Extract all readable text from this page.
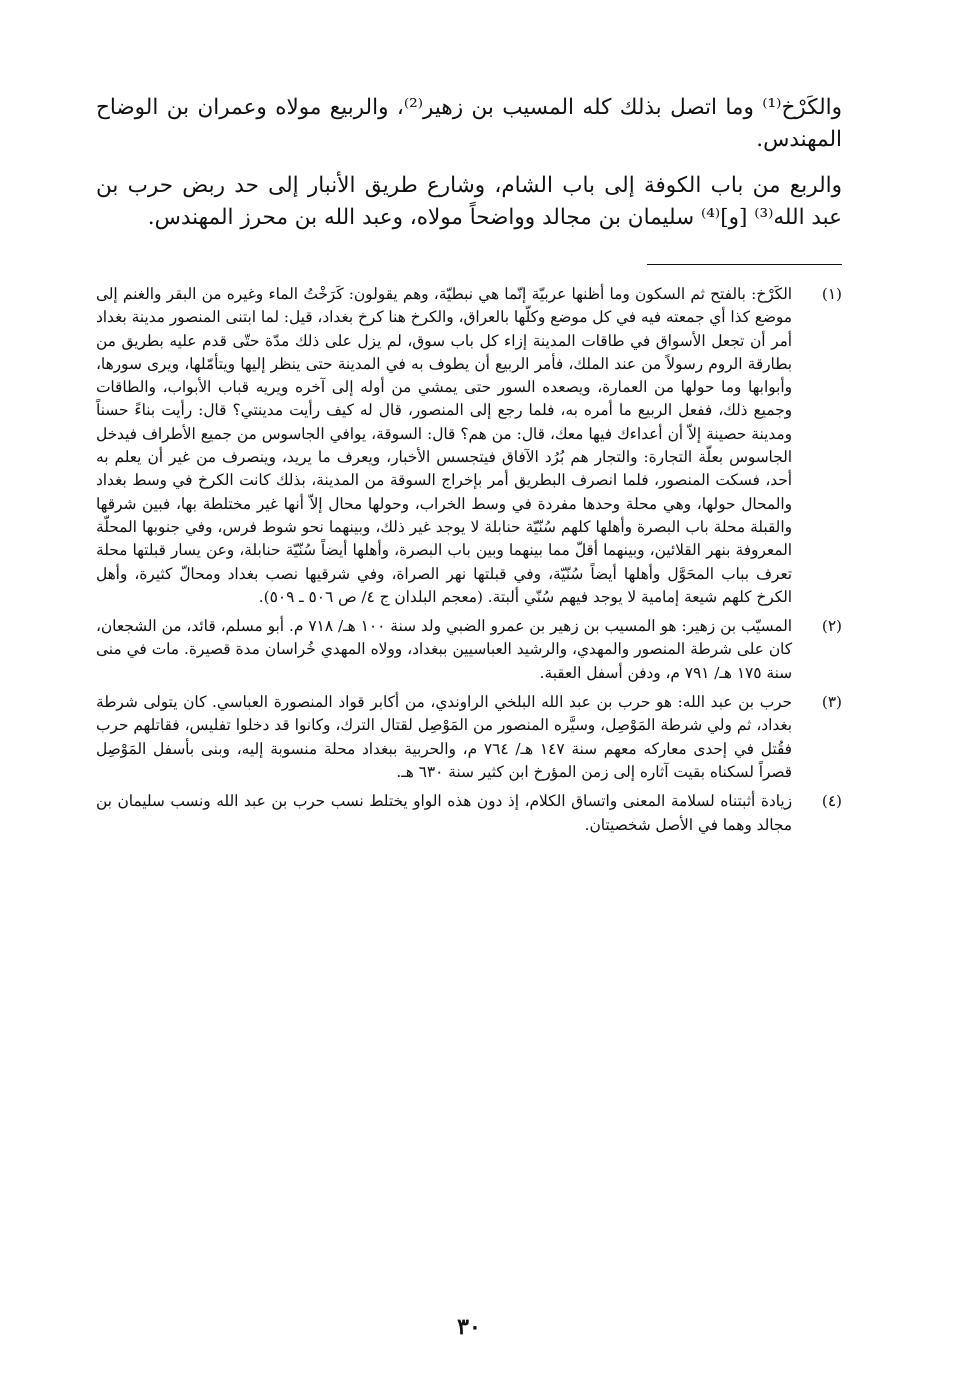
والكَرْخ⁽¹⁾ وما اتصل بذلك كله المسيب بن زهير⁽²⁾، والربيع مولاه وعمران بن الوضاح المهندس.

والربع من باب الكوفة إلى باب الشام، وشارع طريق الأنبار إلى حد ربض حرب بن عبد الله⁽³⁾ [و]⁽⁴⁾ سليمان بن مجالد وواضحاً مولاه، وعبد الله بن محرز المهندس.

(١)
الكَرْخ: بالفتح ثم السكون وما أظنها عربيّة إنّما هي نبطيّة، وهم يقولون: كَرَخْتُ الماء وغيره من البقر والغنم إلى موضع كذا أي جمعته فيه في كل موضع وكلّها بالعراق، والكرخ هنا كرخ بغداد، قيل: لما ابتنى المنصور مدينة بغداد أمر أن تجعل الأسواق في طاقات المدينة إزاء كل باب سوق، لم يزل على ذلك مدّة حتّى قدم عليه بطريق من بطارقة الروم رسولاً من عند الملك، فأمر الربيع أن يطوف به في المدينة حتى ينظر إليها ويتأمّلها، ويرى سورها، وأبوابها وما حولها من العمارة، ويصعده السور حتى يمشي من أوله إلى آخره ويريه قباب الأبواب، والطاقات وجميع ذلك، ففعل الربيع ما أمره به، فلما رجع إلى المنصور، قال له كيف رأيت مدينتي؟ قال: رأيت بناءً حسناً ومدينة حصينة إلاّ أن أعداءك فيها معك، قال: من هم؟ قال: السوقة، يوافي الجاسوس من جميع الأطراف فيدخل الجاسوس بعلّة التجارة: والتجار هم بُرُد الآفاق فيتجسس الأخبار، ويعرف ما يريد، وينصرف من غير أن يعلم به أحد، فسكت المنصور، فلما انصرف البطريق أمر بإخراج السوقة من المدينة، بذلك كانت الكرخ في وسط بغداد والمحال حولها، وهي محلة وحدها مفردة في وسط الخراب، وحولها محال إلاّ أنها غير مختلطة بها، فبين شرقها والقبلة محلة باب البصرة وأهلها كلهم سُنّيّة حنابلة لا يوجد غير ذلك، وبينهما نحو شوط فرس، وفي جنوبها المحلّة المعروفة بنهر القلائين، وبينهما أقلّ مما بينهما وبين باب البصرة، وأهلها أيضاً سُنّيّة حنابلة، وعن يسار قبلتها محلة تعرف بباب المحَوَّل وأهلها أيضاً سُنّيّة، وفي قبلتها نهر الصراة، وفي شرقيها نصب بغداد ومحالّ كثيرة، وأهل الكرخ كلهم شيعة إمامية لا يوجد فيهم سُنّي ألبتة. (معجم البلدان ج ٤/ ص ٥٠٦ ـ ٥٠٩).
(٢)
المسيّب بن زهير: هو المسيب بن زهير بن عمرو الضبي ولد سنة ١٠٠ هـ/ ٧١٨ م. أبو مسلم، قائد، من الشجعان، كان على شرطة المنصور والمهدي، والرشيد العباسيين ببغداد، وولاه المهدي خُراسان مدة قصيرة. مات في منى سنة ١٧٥ هـ/ ٧٩١ م، ودفن أسفل العقبة.
(٣)
حرب بن عبد الله: هو حرب بن عبد الله البلخي الراوندي، من أكابر قواد المنصورة العباسي. كان يتولى شرطة بغداد، ثم ولي شرطة المَوْصِل، وسيَّره المنصور من المَوْصِل لقتال الترك، وكانوا قد دخلوا تفليس، فقاتلهم حرب فقُتل في إحدى معاركه معهم سنة ١٤٧ هـ/ ٧٦٤ م، والحربية ببغداد محلة منسوبة إليه، وبنى بأسفل المَوْصِل قصراً لسكناه بقيت آثاره إلى زمن المؤرخ ابن كثير سنة ٦٣٠ هـ.
(٤)
زيادة أثبتناه لسلامة المعنى واتساق الكلام، إذ دون هذه الواو يختلط نسب حرب بن عبد الله ونسب سليمان بن مجالد وهما في الأصل شخصيتان.
٣٠
